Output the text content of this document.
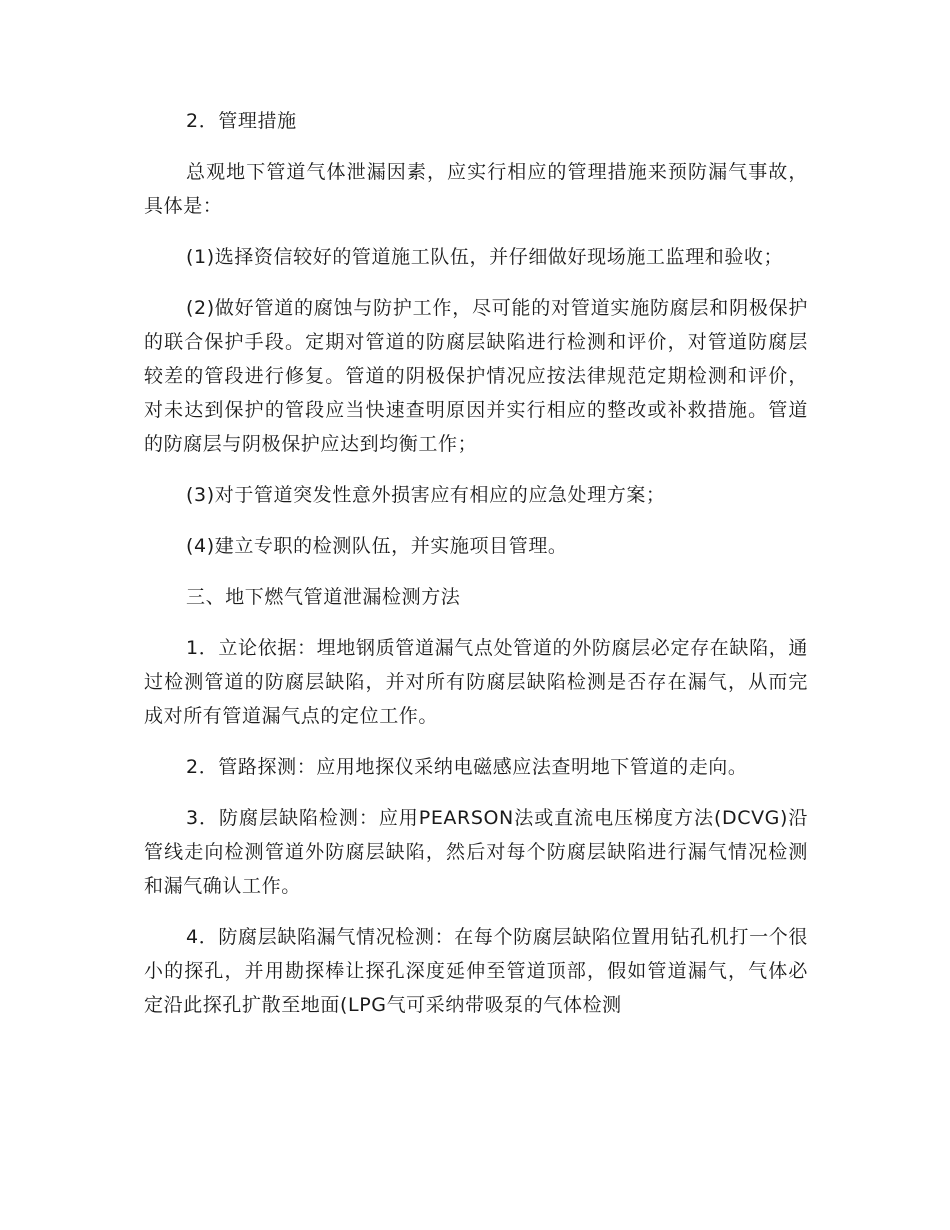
2．管理措施

总观地下管道气体泄漏因素，应实行相应的管理措施来预防漏气事故，具体是：

(1)选择资信较好的管道施工队伍，并仔细做好现场施工监理和验收；

(2)做好管道的腐蚀与防护工作，尽可能的对管道实施防腐层和阴极保护的联合保护手段。定期对管道的防腐层缺陷进行检测和评价，对管道防腐层较差的管段进行修复。管道的阴极保护情况应按法律规范定期检测和评价，对未达到保护的管段应当快速查明原因并实行相应的整改或补救措施。管道的防腐层与阴极保护应达到均衡工作；

(3)对于管道突发性意外损害应有相应的应急处理方案；

(4)建立专职的检测队伍，并实施项目管理。

三、地下燃气管道泄漏检测方法

1．立论依据：埋地钢质管道漏气点处管道的外防腐层必定存在缺陷，通过检测管道的防腐层缺陷，并对所有防腐层缺陷检测是否存在漏气，从而完成对所有管道漏气点的定位工作。

2．管路探测：应用地探仪采纳电磁感应法查明地下管道的走向。

3．防腐层缺陷检测：应用PEARSON法或直流电压梯度方法(DCVG)沿管线走向检测管道外防腐层缺陷，然后对每个防腐层缺陷进行漏气情况检测和漏气确认工作。

4．防腐层缺陷漏气情况检测：在每个防腐层缺陷位置用钻孔机打一个很小的探孔，并用勘探棒让探孔深度延伸至管道顶部，假如管道漏气，气体必定沿此探孔扩散至地面(LPG气可采纳带吸泵的气体检测
